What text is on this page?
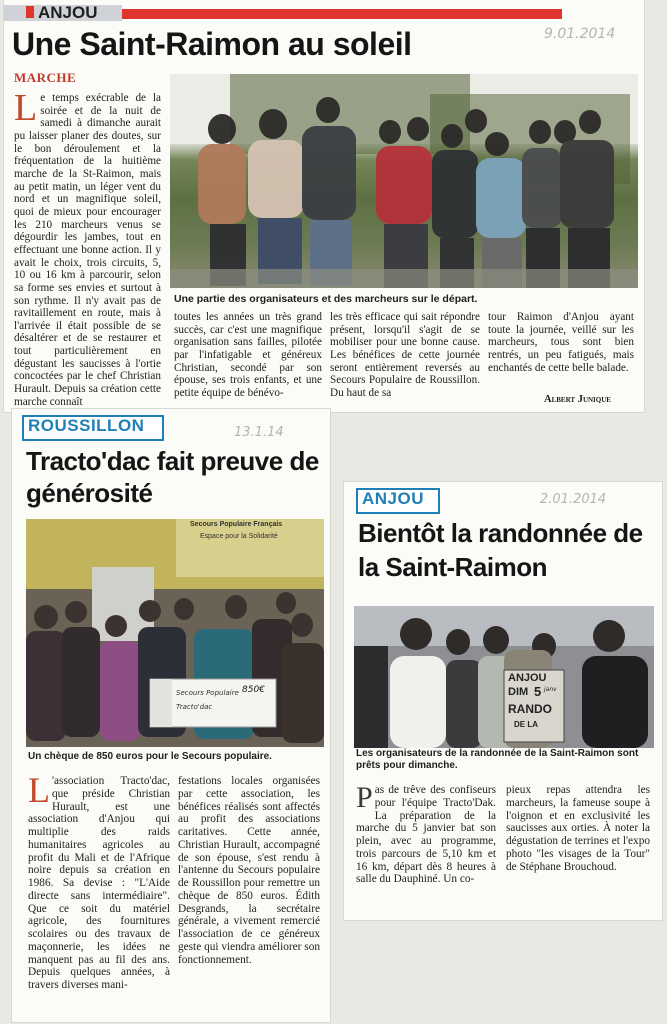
ANJOU
9.01.2014
Une Saint-Raimon au soleil
MARCHE
Le temps exécrable de la soirée et de la nuit de samedi à dimanche aurait pu laisser planer des doutes, sur le bon déroulement et la fréquentation de la huitième marche de la St-Raimon, mais au petit matin, un léger vent du nord et un magnifique soleil, quoi de mieux pour encourager les 210 marcheurs venus se dégourdir les jambes, tout en effectuant une bonne action. Il y avait le choix, trois circuits, 5, 10 ou 16 km à parcourir, selon sa forme ses envies et surtout à son rythme. Il n'y avait pas de ravitaillement en route, mais à l'arrivée il était possible de se désaltérer et de se restaurer et tout particulièrement en dégustant les saucisses à l'ortie concoctées par le chef Christian Hurault. Depuis sa création cette marche connaît
Une partie des organisateurs et des marcheurs sur le départ.
toutes les années un très grand succès, car c'est une magnifique organisation sans failles, pilotée par l'infatigable et généreux Christian, secondé par son épouse, ses trois enfants, et une petite équipe de bénévo-
les très efficace qui sait répondre présent, lorsqu'il s'agit de se mobiliser pour une bonne cause. Les bénéfices de cette journée seront entièrement reversés au Secours Populaire de Roussillon. Du haut de sa
tour Raimon d'Anjou ayant toute la journée, veillé sur les marcheurs, tous sont bien rentrés, un peu fatigués, mais enchantés de cette belle balade.
Albert Junique
ROUSSILLON	13.1.14
Tracto'dac fait preuve de générosité
Secours Populaire Français
Espace pour la Solidarité
Secours Populaire
Tracto'dac
850€
Un chèque de 850 euros pour le Secours populaire.
L 'association Tracto'dac, que préside Christian Hurault, est une association d'Anjou qui multiplie des raids humanitaires agricoles au profit du Mali et de l'Afrique noire depuis sa création en 1986. Sa devise : "L'Aide directe sans intermédiaire". Que ce soit du matériel agricole, des fournitures scolaires ou des travaux de maçonnerie, les idées ne manquent pas au fil des ans. Depuis quelques années, à travers diverses mani-
festations locales organisées par cette association, les bénéfices réalisés sont affectés au profit des associations caritatives. Cette année, Christian Hurault, accompagné de son épouse, s'est rendu à l'antenne du Secours populaire de Roussillon pour remettre un chèque de 850 euros. Édith Desgrands, la secrétaire générale, a vivement remercié l'association de ce généreux geste qui viendra améliorer son fonctionnement.
ANJOU	2.01.2014
Bientôt la randonnée de la Saint-Raimon
ANJOU
DIM 5 janv
RANDO
DE LA
Les organisateurs de la randonnée de la Saint-Raimon sont prêts pour dimanche.
Pas de trêve des confiseurs pour l'équipe Tracto'Dak. La préparation de la marche du 5 janvier bat son plein, avec au programme, trois parcours de 5,10 km et 16 km, départ dès 8 heures à salle du Dauphiné. Un co-
pieux repas attendra les marcheurs, la fameuse soupe à l'oignon et en exclusivité les saucisses aux orties. À noter la dégustation de terrines et l'expo photo "les visages de la Tour" de Stéphane Brouchoud.
